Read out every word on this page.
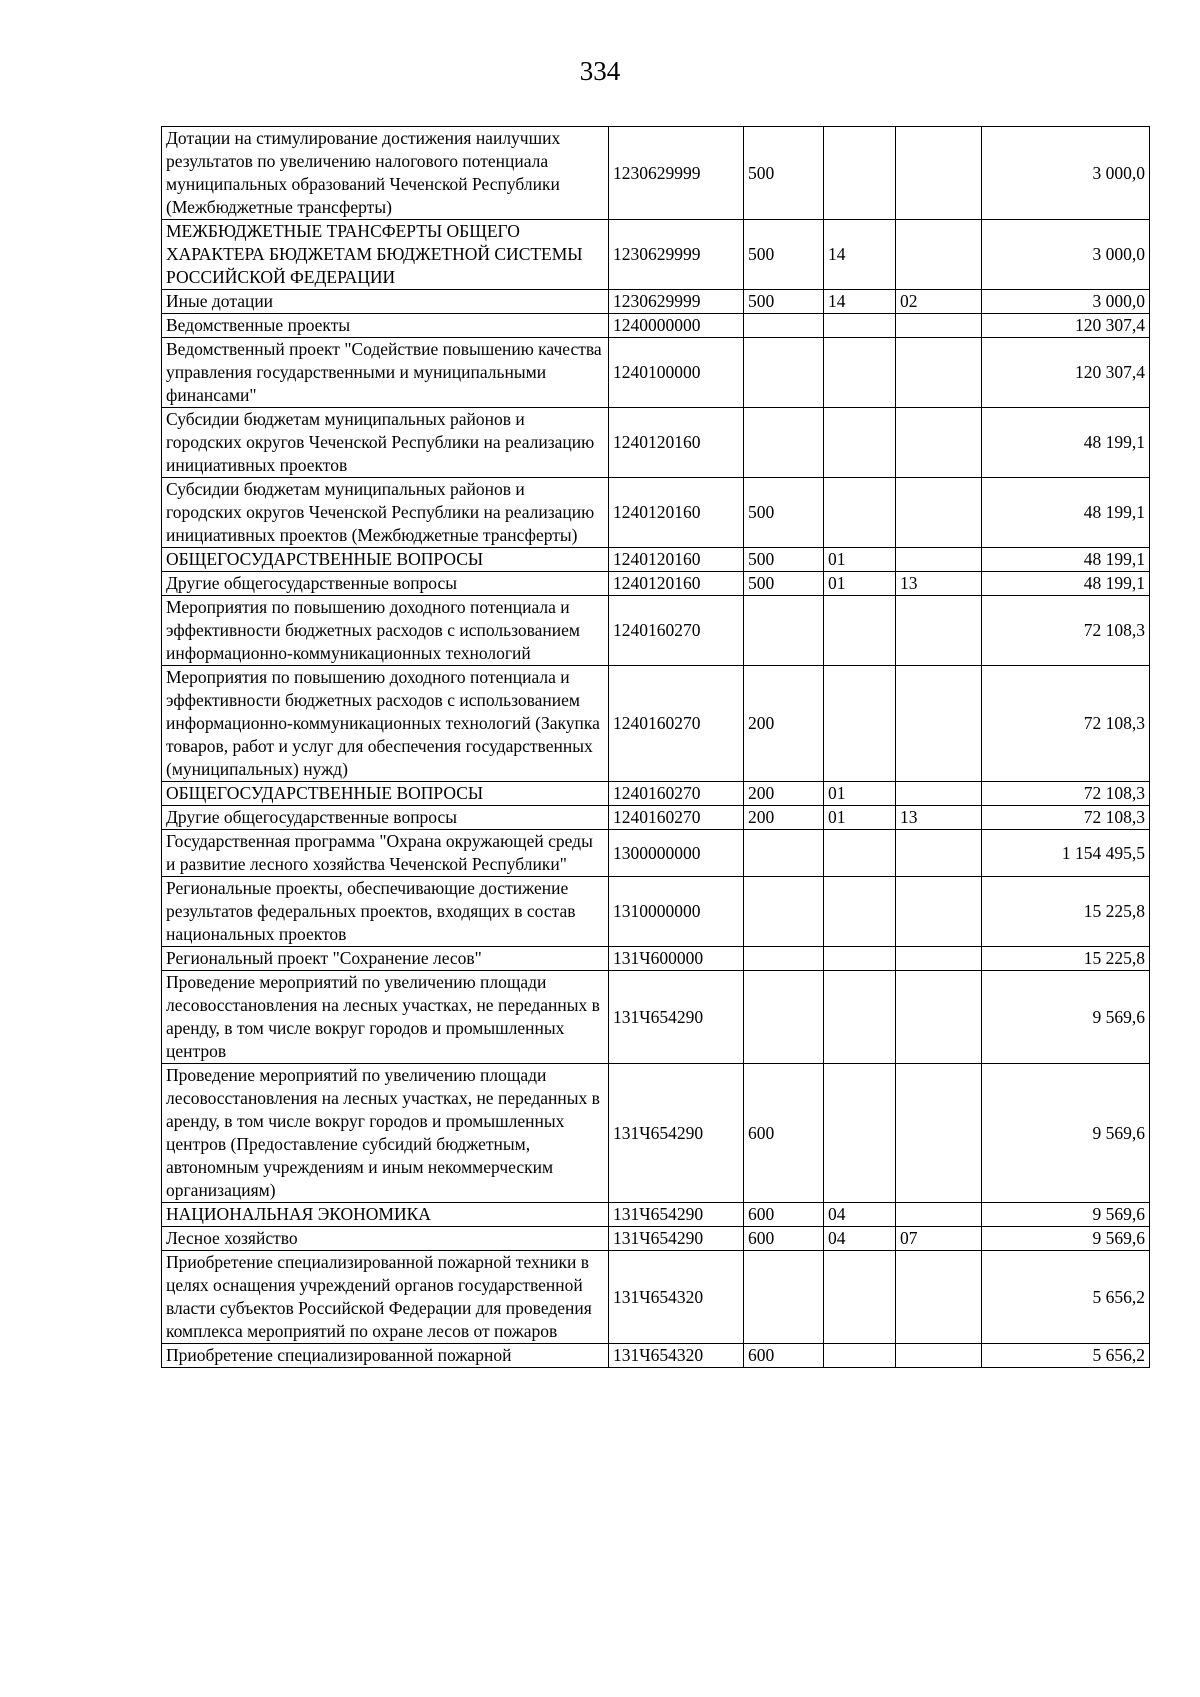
334
Дотации на стимулирование достижения наилучших результатов по увеличению налогового потенциала муниципальных образований Чеченской Республики (Межбюджетные трансферты)	1230629999	500			3 000,0
МЕЖБЮДЖЕТНЫЕ ТРАНСФЕРТЫ ОБЩЕГО ХАРАКТЕРА БЮДЖЕТАМ БЮДЖЕТНОЙ СИСТЕМЫ РОССИЙСКОЙ ФЕДЕРАЦИИ	1230629999	500	14		3 000,0
Иные дотации	1230629999	500	14	02	3 000,0
Ведомственные проекты	1240000000				120 307,4
Ведомственный проект "Содействие повышению качества управления государственными и муниципальными финансами"	1240100000				120 307,4
Субсидии бюджетам муниципальных районов и городских округов Чеченской Республики на реализацию инициативных проектов	1240120160				48 199,1
Субсидии бюджетам муниципальных районов и городских округов Чеченской Республики на реализацию инициативных проектов (Межбюджетные трансферты)	1240120160	500			48 199,1
ОБЩЕГОСУДАРСТВЕННЫЕ ВОПРОСЫ	1240120160	500	01		48 199,1
Другие общегосударственные вопросы	1240120160	500	01	13	48 199,1
Мероприятия по повышению доходного потенциала и эффективности бюджетных расходов с использованием информационно-коммуникационных технологий	1240160270				72 108,3
Мероприятия по повышению доходного потенциала и эффективности бюджетных расходов с использованием информационно-коммуникационных технологий (Закупка товаров, работ и услуг для обеспечения государственных (муниципальных) нужд)	1240160270	200			72 108,3
ОБЩЕГОСУДАРСТВЕННЫЕ ВОПРОСЫ	1240160270	200	01		72 108,3
Другие общегосударственные вопросы	1240160270	200	01	13	72 108,3
Государственная программа "Охрана окружающей среды и развитие лесного хозяйства Чеченской Республики"	1300000000				1 154 495,5
Региональные проекты, обеспечивающие достижение результатов федеральных проектов, входящих в состав национальных проектов	1310000000				15 225,8
Региональный проект "Сохранение лесов"	131Ч600000				15 225,8
Проведение мероприятий по увеличению площади лесовосстановления на лесных участках, не переданных в аренду, в том числе вокруг городов и промышленных центров	131Ч654290				9 569,6
Проведение мероприятий по увеличению площади лесовосстановления на лесных участках, не переданных в аренду, в том числе вокруг городов и промышленных центров (Предоставление субсидий бюджетным, автономным учреждениям и иным некоммерческим организациям)	131Ч654290	600			9 569,6
НАЦИОНАЛЬНАЯ ЭКОНОМИКА	131Ч654290	600	04		9 569,6
Лесное хозяйство	131Ч654290	600	04	07	9 569,6
Приобретение специализированной пожарной техники в целях оснащения учреждений органов государственной власти субъектов Российской Федерации для проведения комплекса мероприятий по охране лесов от пожаров	131Ч654320				5 656,2
Приобретение специализированной пожарной	131Ч654320	600			5 656,2
